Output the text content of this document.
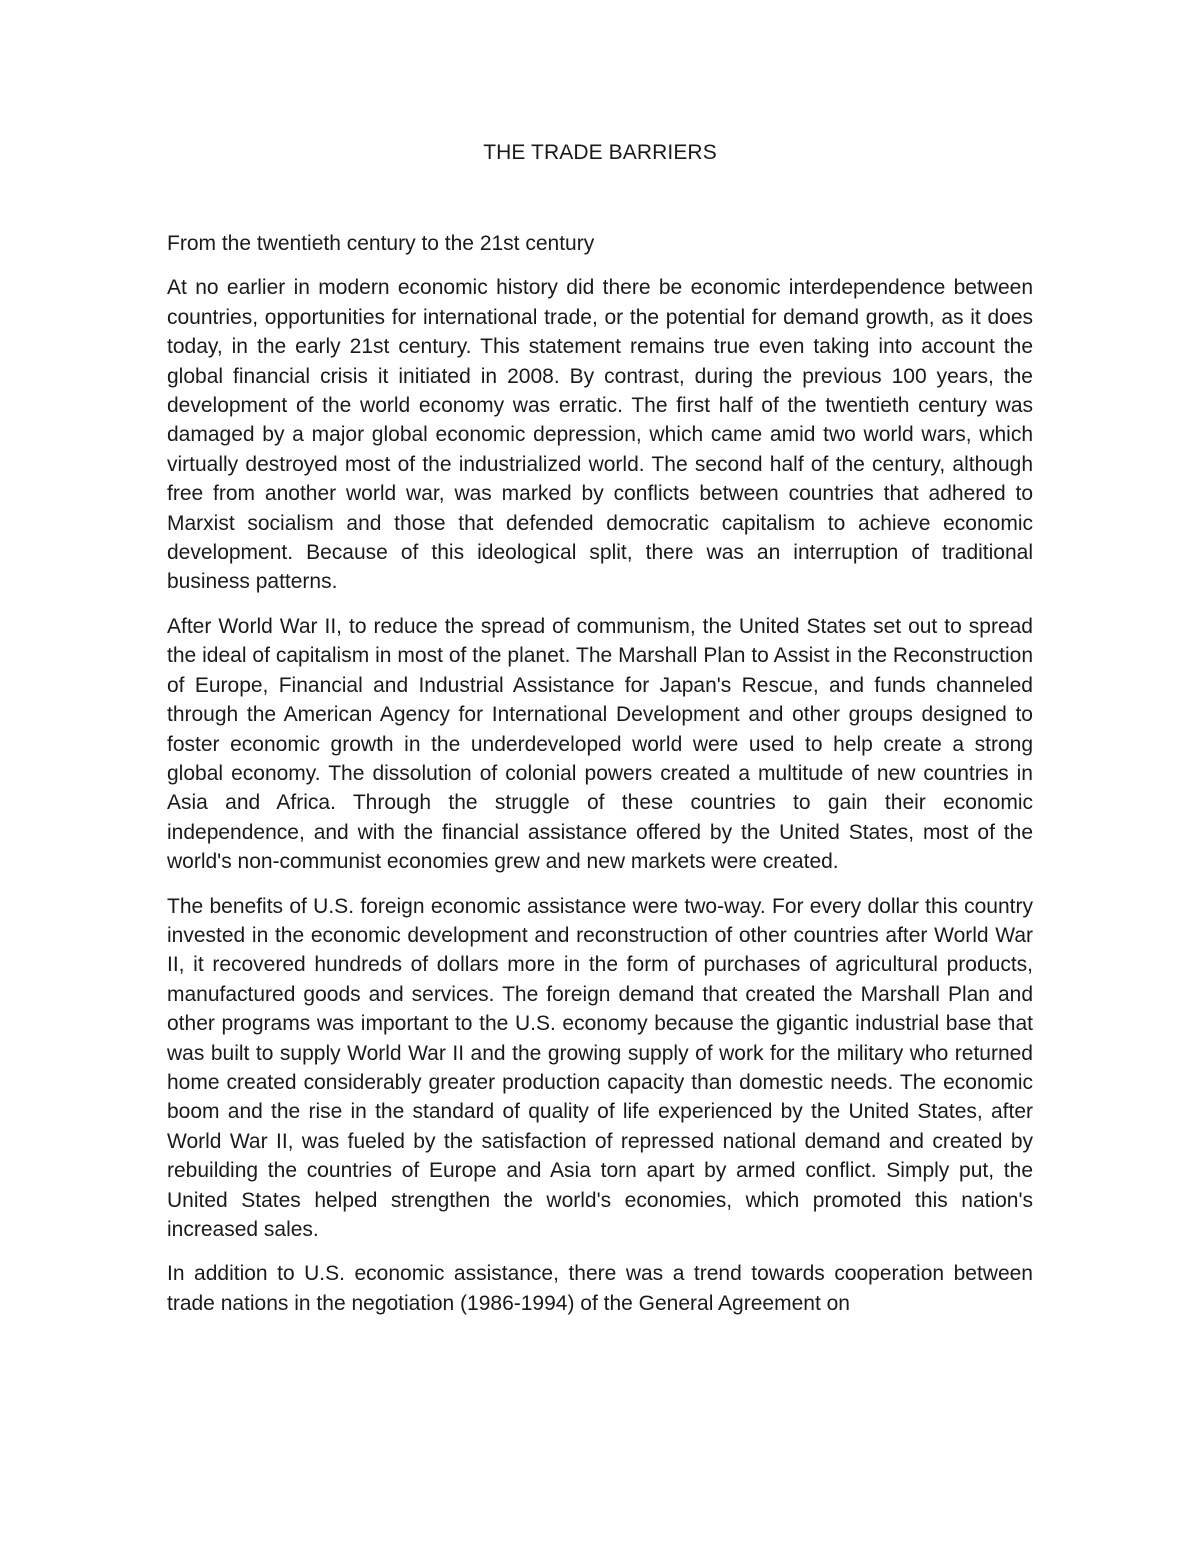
THE TRADE BARRIERS

From the twentieth century to the 21st century

At no earlier in modern economic history did there be economic interdependence between countries, opportunities for international trade, or the potential for demand growth, as it does today, in the early 21st century. This statement remains true even taking into account the global financial crisis it initiated in 2008. By contrast, during the previous 100 years, the development of the world economy was erratic. The first half of the twentieth century was damaged by a major global economic depression, which came amid two world wars, which virtually destroyed most of the industrialized world. The second half of the century, although free from another world war, was marked by conflicts between countries that adhered to Marxist socialism and those that defended democratic capitalism to achieve economic development. Because of this ideological split, there was an interruption of traditional business patterns.

After World War II, to reduce the spread of communism, the United States set out to spread the ideal of capitalism in most of the planet. The Marshall Plan to Assist in the Reconstruction of Europe, Financial and Industrial Assistance for Japan's Rescue, and funds channeled through the American Agency for International Development and other groups designed to foster economic growth in the underdeveloped world were used to help create a strong global economy. The dissolution of colonial powers created a multitude of new countries in Asia and Africa. Through the struggle of these countries to gain their economic independence, and with the financial assistance offered by the United States, most of the world's non-communist economies grew and new markets were created.

The benefits of U.S. foreign economic assistance were two-way. For every dollar this country invested in the economic development and reconstruction of other countries after World War II, it recovered hundreds of dollars more in the form of purchases of agricultural products, manufactured goods and services. The foreign demand that created the Marshall Plan and other programs was important to the U.S. economy because the gigantic industrial base that was built to supply World War II and the growing supply of work for the military who returned home created considerably greater production capacity than domestic needs. The economic boom and the rise in the standard of quality of life experienced by the United States, after World War II, was fueled by the satisfaction of repressed national demand and created by rebuilding the countries of Europe and Asia torn apart by armed conflict. Simply put, the United States helped strengthen the world's economies, which promoted this nation's increased sales.

In addition to U.S. economic assistance, there was a trend towards cooperation between trade nations in the negotiation (1986-1994) of the General Agreement on
